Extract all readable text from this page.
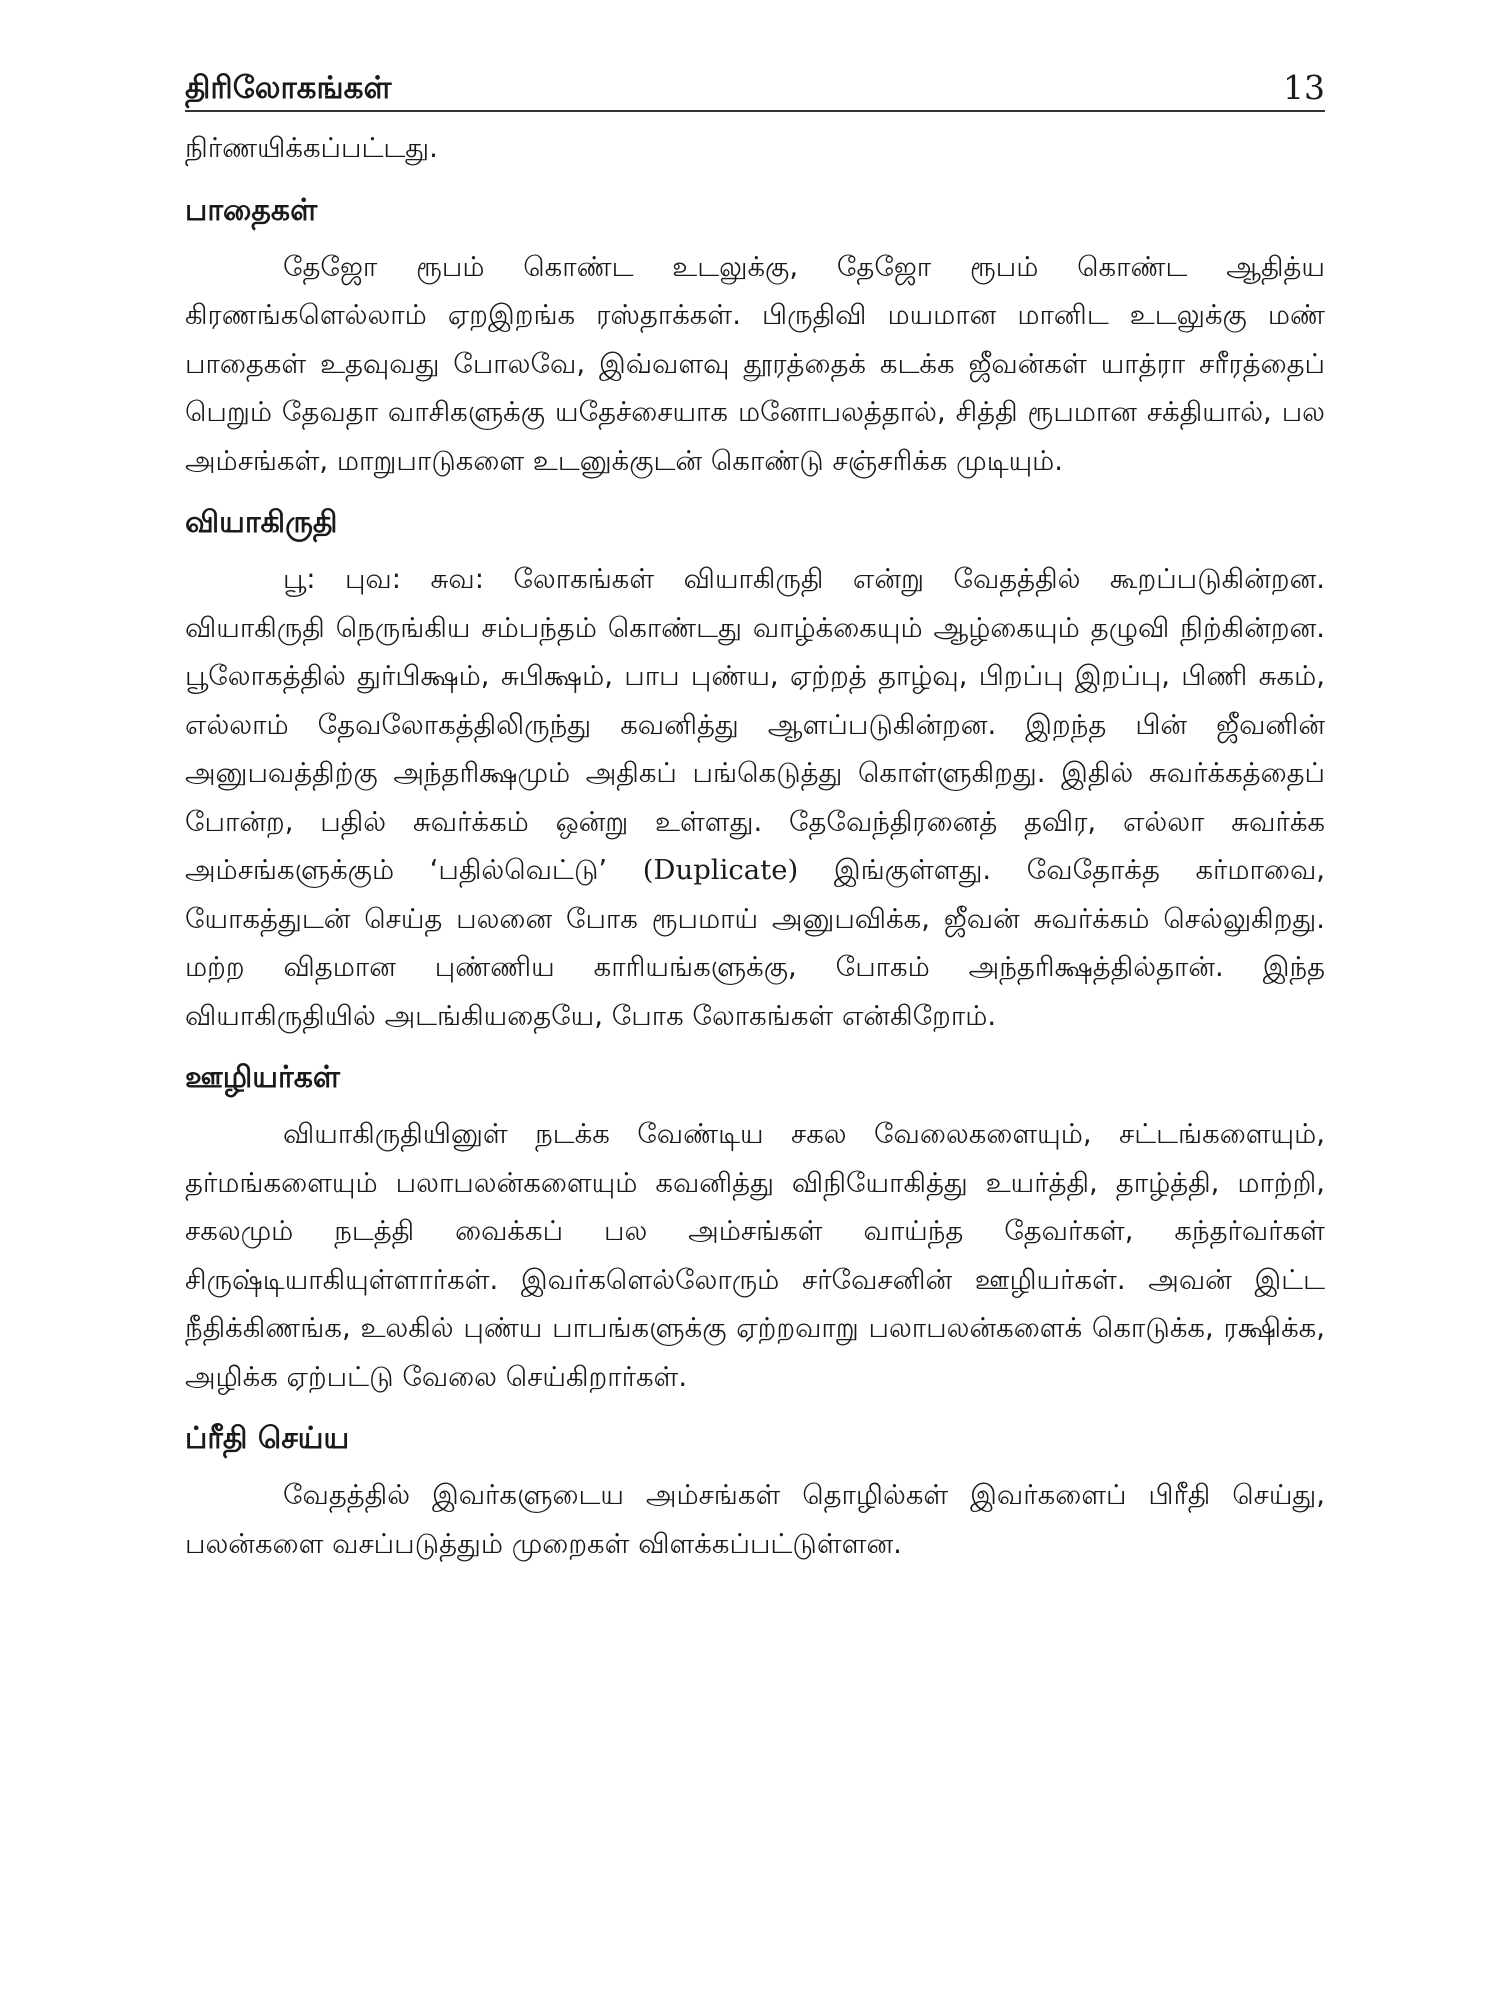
திரிலோகங்கள்	13

நிர்ணயிக்கப்பட்டது.

பாதைகள்

தேஜோ ரூபம் கொண்ட உடலுக்கு, தேஜோ ரூபம் கொண்ட ஆதித்ய கிரணங்களெல்லாம் ஏறஇறங்க ரஸ்தாக்கள். பிருதிவி மயமான மானிட உடலுக்கு மண் பாதைகள் உதவுவது போலவே, இவ்வளவு தூரத்தைக் கடக்க ஜீவன்கள் யாத்ரா சரீரத்தைப் பெறும் தேவதா வாசிகளுக்கு யதேச்சையாக மனோபலத்தால், சித்தி ரூபமான சக்தியால், பல அம்சங்கள், மாறுபாடுகளை உடனுக்குடன் கொண்டு சஞ்சரிக்க முடியும்.

வியாகிருதி

பூ: புவ: சுவ: லோகங்கள் வியாகிருதி என்று வேதத்தில் கூறப்படுகின்றன. வியாகிருதி நெருங்கிய சம்பந்தம் கொண்டது வாழ்க்கையும் ஆழ்கையும் தழுவி நிற்கின்றன. பூலோகத்தில் துர்பிக்ஷம், சுபிக்ஷம், பாப புண்ய, ஏற்றத் தாழ்வு, பிறப்பு இறப்பு, பிணி சுகம், எல்லாம் தேவலோகத்திலிருந்து கவனித்து ஆளப்படுகின்றன. இறந்த பின் ஜீவனின் அனுபவத்திற்கு அந்தரிக்ஷமும் அதிகப் பங்கெடுத்து கொள்ளுகிறது. இதில் சுவர்க்கத்தைப் போன்ற, பதில் சுவர்க்கம் ஒன்று உள்ளது. தேவேந்திரனைத் தவிர, எல்லா சுவர்க்க அம்சங்களுக்கும் ‘பதில்வெட்டு’ (Duplicate) இங்குள்ளது. வேதோக்த கர்மாவை, யோகத்துடன் செய்த பலனை போக ரூபமாய் அனுபவிக்க, ஜீவன் சுவர்க்கம் செல்லுகிறது. மற்ற விதமான புண்ணிய காரியங்களுக்கு, போகம் அந்தரிக்ஷத்தில்தான். இந்த வியாகிருதியில் அடங்கியதையே, போக லோகங்கள் என்கிறோம்.

ஊழியர்கள்

வியாகிருதியினுள் நடக்க வேண்டிய சகல வேலைகளையும், சட்டங்களையும், தர்மங்களையும் பலாபலன்களையும் கவனித்து விநியோகித்து உயர்த்தி, தாழ்த்தி, மாற்றி, சகலமும் நடத்தி வைக்கப் பல அம்சங்கள் வாய்ந்த தேவர்கள், கந்தர்வர்கள் சிருஷ்டியாகியுள்ளார்கள். இவர்களெல்லோரும் சர்வேசனின் ஊழியர்கள். அவன் இட்ட நீதிக்கிணங்க, உலகில் புண்ய பாபங்களுக்கு ஏற்றவாறு பலாபலன்களைக் கொடுக்க, ரக்ஷிக்க, அழிக்க ஏற்பட்டு வேலை செய்கிறார்கள்.

ப்ரீதி செய்ய

வேதத்தில் இவர்களுடைய அம்சங்கள் தொழில்கள் இவர்களைப் பிரீதி செய்து, பலன்களை வசப்படுத்தும் முறைகள் விளக்கப்பட்டுள்ளன.
